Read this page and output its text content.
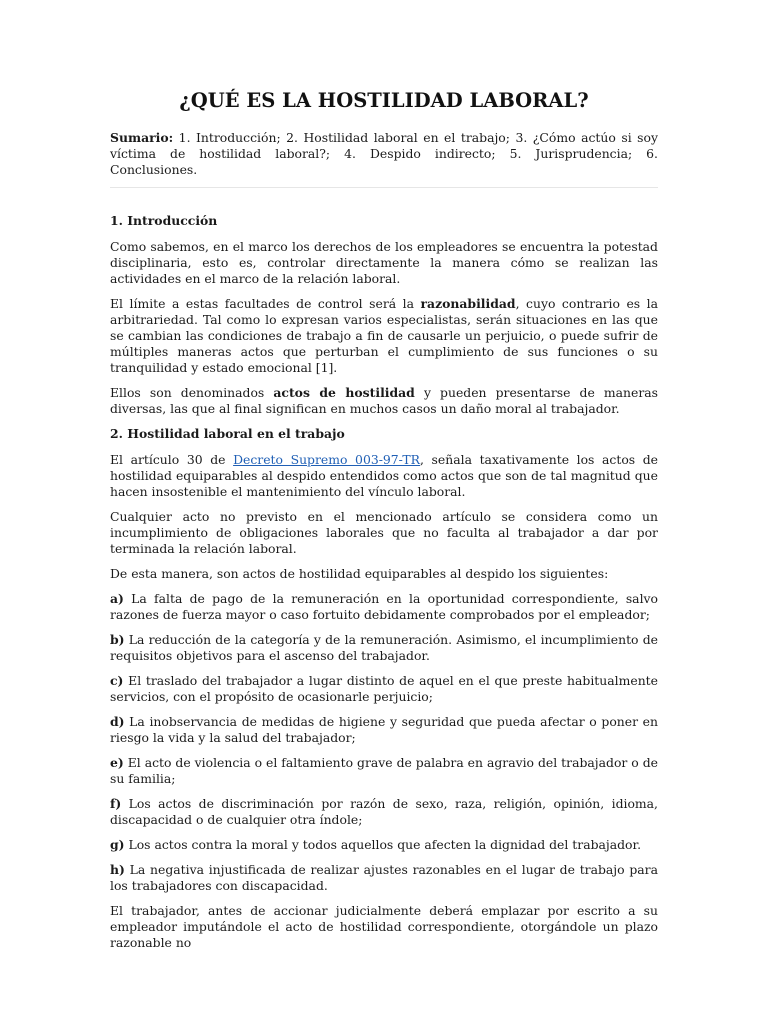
¿QUÉ ES LA HOSTILIDAD LABORAL?

Sumario: 1. Introducción; 2. Hostilidad laboral en el trabajo; 3. ¿Cómo actúo si soy víctima de hostilidad laboral?; 4. Despido indirecto; 5. Jurisprudencia; 6. Conclusiones.

1. Introducción

Como sabemos, en el marco los derechos de los empleadores se encuentra la potestad disciplinaria, esto es, controlar directamente la manera cómo se realizan las actividades en el marco de la relación laboral.

El límite a estas facultades de control será la razonabilidad, cuyo contrario es la arbitrariedad. Tal como lo expresan varios especialistas, serán situaciones en las que se cambian las condiciones de trabajo a fin de causarle un perjuicio, o puede sufrir de múltiples maneras actos que perturban el cumplimiento de sus funciones o su tranquilidad y estado emocional [1].

Ellos son denominados actos de hostilidad y pueden presentarse de maneras diversas, las que al final significan en muchos casos un daño moral al trabajador.

2. Hostilidad laboral en el trabajo

El artículo 30 de Decreto Supremo 003-97-TR, señala taxativamente los actos de hostilidad equiparables al despido entendidos como actos que son de tal magnitud que hacen insostenible el mantenimiento del vínculo laboral.

Cualquier acto no previsto en el mencionado artículo se considera como un incumplimiento de obligaciones laborales que no faculta al trabajador a dar por terminada la relación laboral.

De esta manera, son actos de hostilidad equiparables al despido los siguientes:

a) La falta de pago de la remuneración en la oportunidad correspondiente, salvo razones de fuerza mayor o caso fortuito debidamente comprobados por el empleador;

b) La reducción de la categoría y de la remuneración. Asimismo, el incumplimiento de requisitos objetivos para el ascenso del trabajador.

c) El traslado del trabajador a lugar distinto de aquel en el que preste habitualmente servicios, con el propósito de ocasionarle perjuicio;

d) La inobservancia de medidas de higiene y seguridad que pueda afectar o poner en riesgo la vida y la salud del trabajador;

e) El acto de violencia o el faltamiento grave de palabra en agravio del trabajador o de su familia;

f) Los actos de discriminación por razón de sexo, raza, religión, opinión, idioma, discapacidad o de cualquier otra índole;

g) Los actos contra la moral y todos aquellos que afecten la dignidad del trabajador.

h) La negativa injustificada de realizar ajustes razonables en el lugar de trabajo para los trabajadores con discapacidad.

El trabajador, antes de accionar judicialmente deberá emplazar por escrito a su empleador imputándole el acto de hostilidad correspondiente, otorgándole un plazo razonable no
